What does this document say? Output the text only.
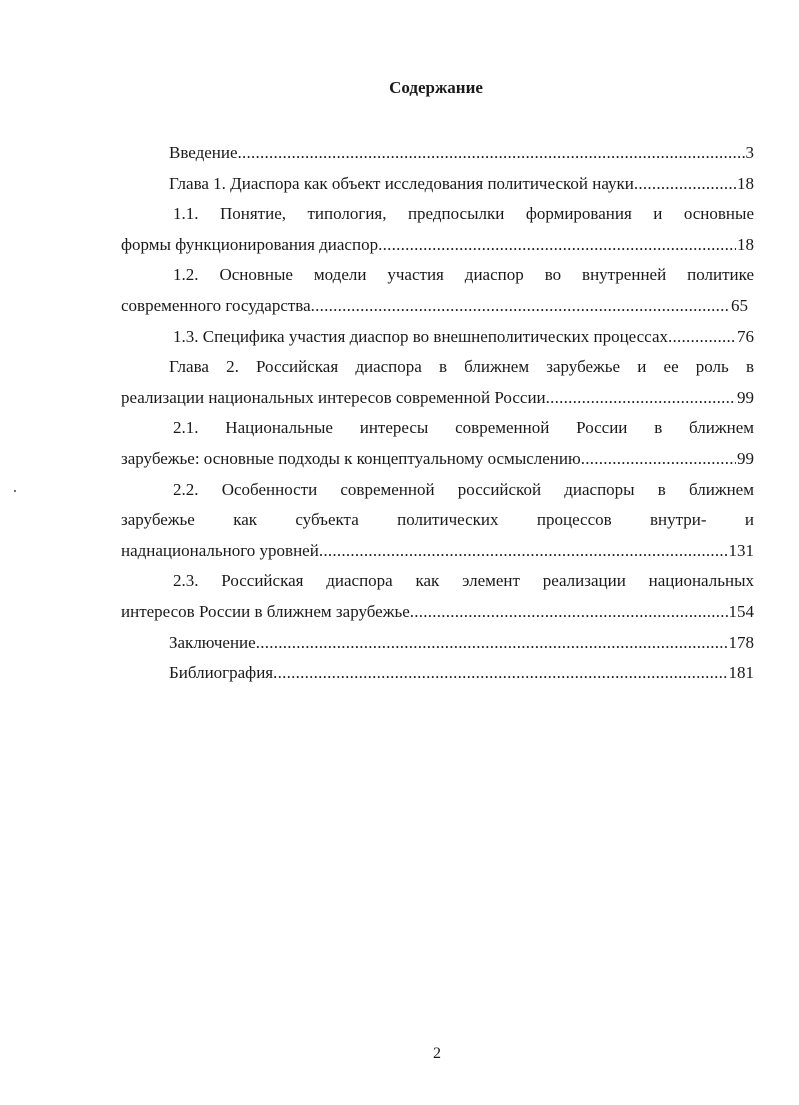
Содержание
Введение . . .	3
Глава 1. Диаспора как объект исследования политической науки . . .	18
1.1. Понятие, типология, предпосылки формирования и основные
формы функционирования диаспор . . .	18
1.2. Основные модели участия диаспор во внутренней политике
современного государства . . .	65
1.3. Специфика участия диаспор во внешнеполитических процессах . . .	76
Глава 2. Российская диаспора в ближнем зарубежье и ее роль в
реализации национальных интересов современной России . . .	99
2.1. Национальные интересы современной России в ближнем
зарубежье: основные подходы к концептуальному осмыслению . . .	99
2.2. Особенности современной российской диаспоры в ближнем
зарубежье как субъекта политических процессов внутри- и
наднационального уровней . . .	131
2.3. Российская диаспора как элемент реализации национальных
интересов России в ближнем зарубежье . . .	154
Заключение . . .	178
Библиография . . .	181
2
